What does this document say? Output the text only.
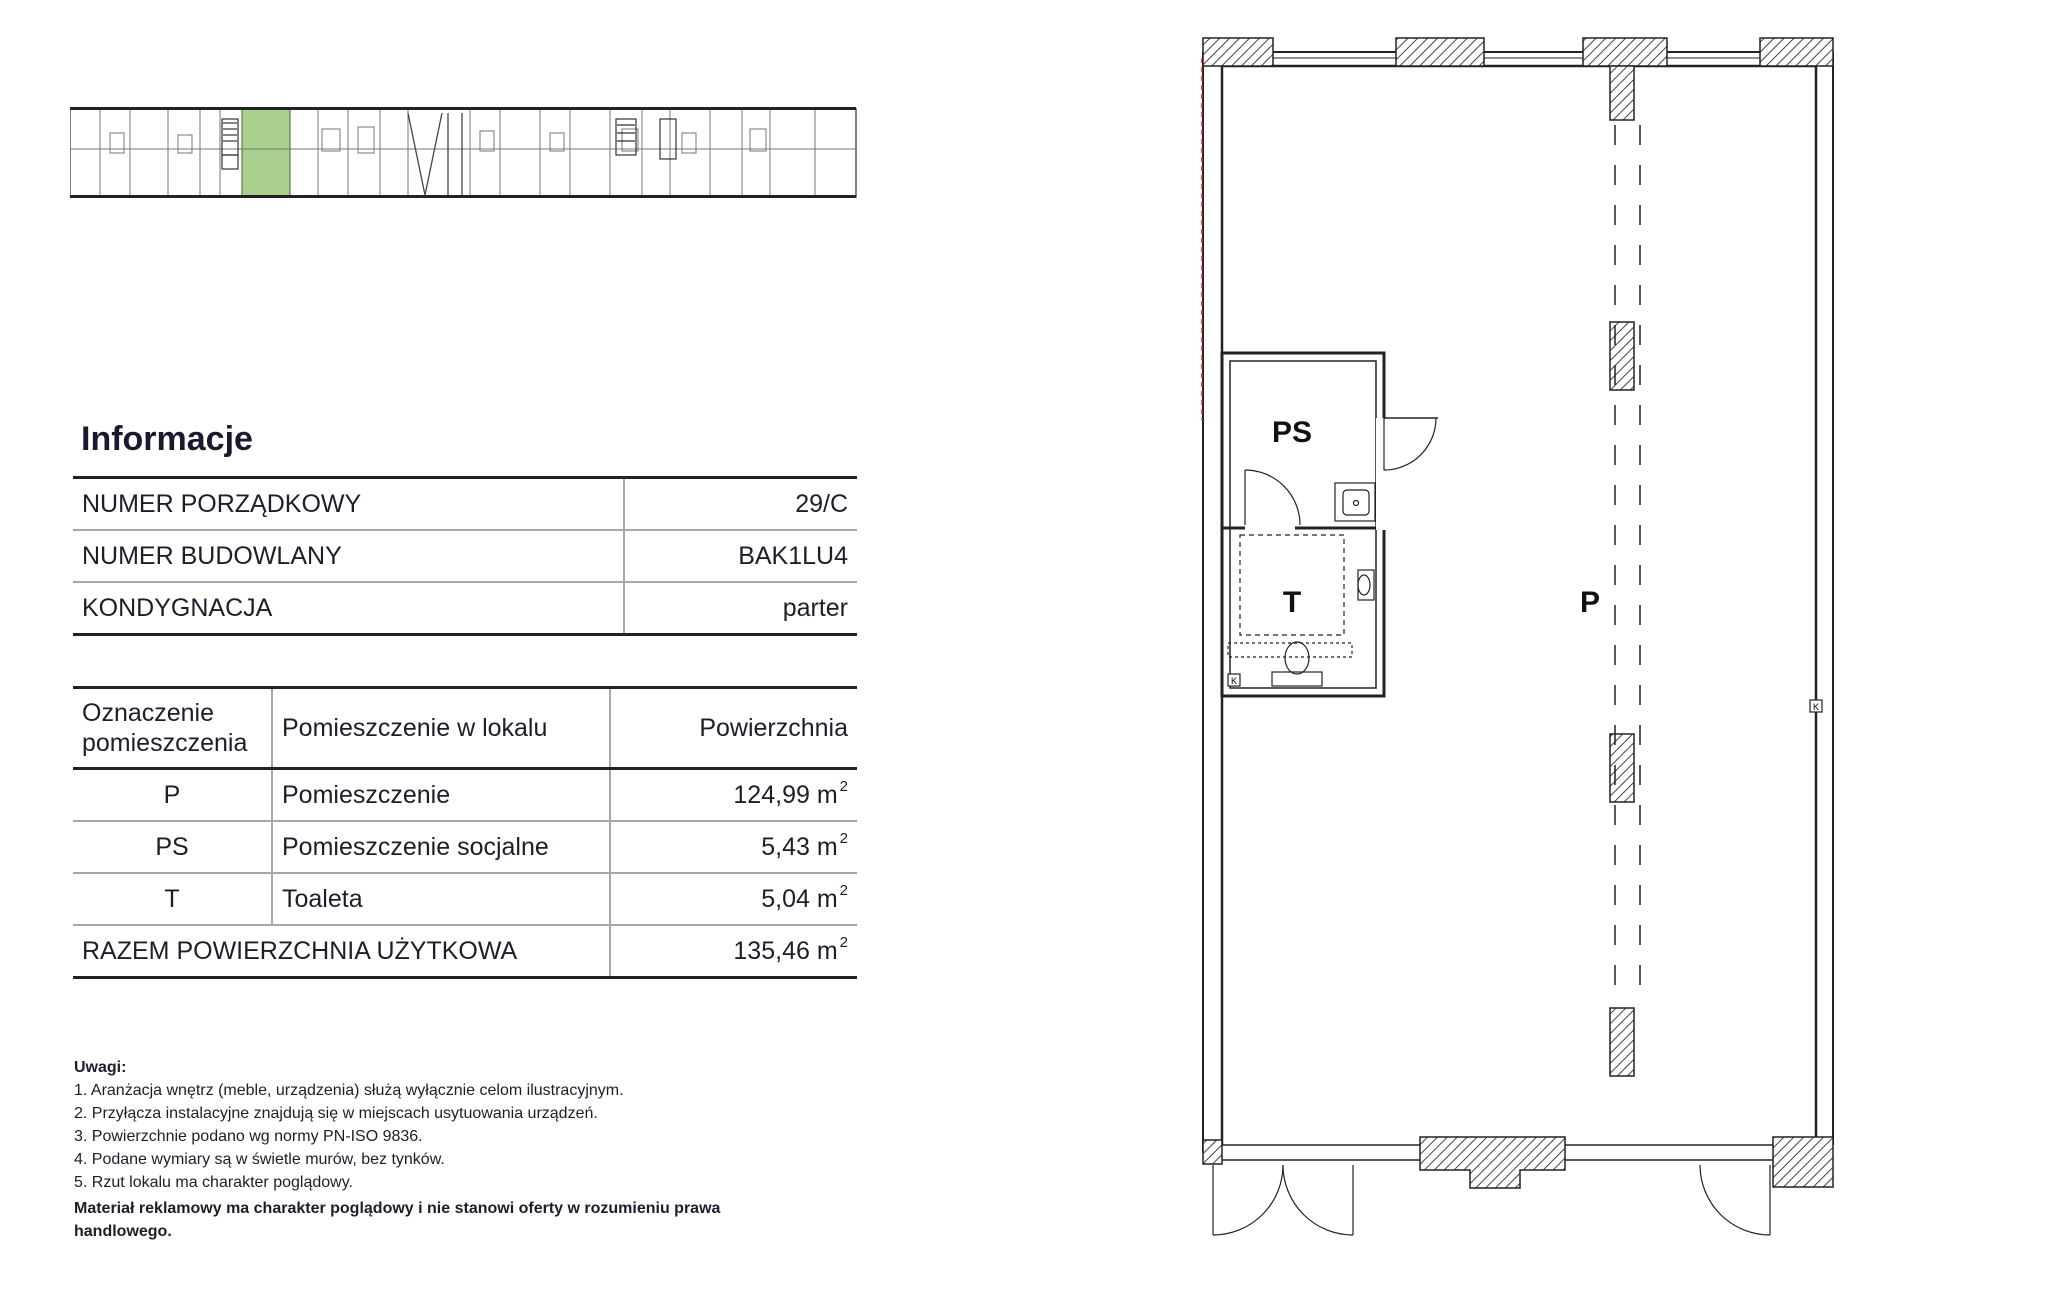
Informacje
NUMER PORZĄDKOWY	29/C
NUMER BUDOWLANY	BAK1LU4
KONDYGNACJA	parter
Oznaczenie
pomieszczenia	Pomieszczenie w lokalu	Powierzchnia
P	Pomieszczenie	124,99 m $^2$
PS	Pomieszczenie socjalne	5,43 m $^2$
T	Toaleta	5,04 m $^2$
RAZEM POWIERZCHNIA UŻYTKOWA		135,46 m $^2$
Uwagi:
1. Aranżacja wnętrz (meble, urządzenia) służą wyłącznie celom ilustracyjnym.
2. Przyłącza instalacyjne znajdują się w miejscach usytuowania urządzeń.
3. Powierzchnie podano wg normy PN-ISO 9836.
4. Podane wymiary są w świetle murów, bez tynków.
5. Rzut lokalu ma charakter poglądowy.
Materiał reklamowy ma charakter poglądowy i nie stanowi oferty w rozumieniu prawa handlowego.
K
K
PS
T	P
